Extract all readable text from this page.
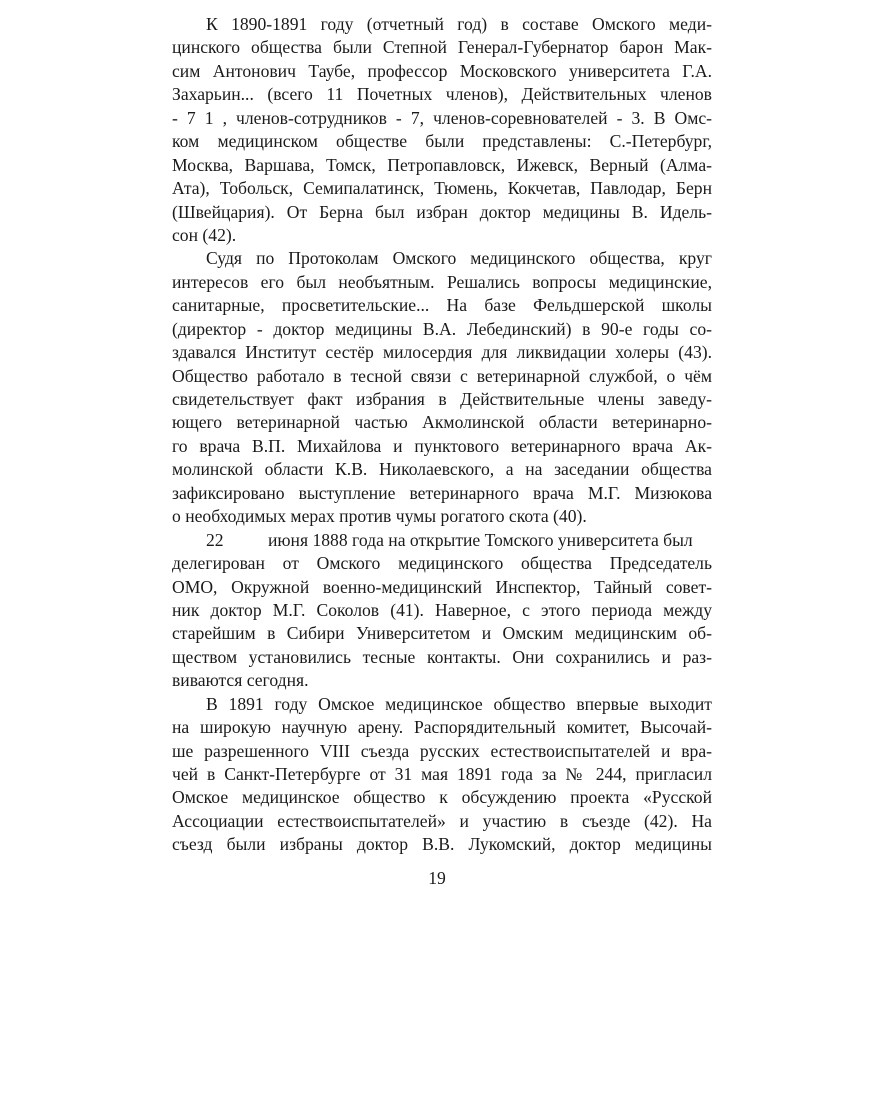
К 1890-1891 году (отчетный год) в составе Омского меди-
цинского общества были Степной Генерал-Губернатор барон Мак-
сим Антонович Таубе, профессор Московского университета Г.А.
Захарьин... (всего 11 Почетных членов), Действительных членов
- 7 1 , членов-сотрудников - 7, членов-соревнователей - 3. В Омс-
ком медицинском обществе были представлены: С.-Петербург,
Москва, Варшава, Томск, Петропавловск, Ижевск, Верный (Алма-
Ата), Тобольск, Семипалатинск, Тюмень, Кокчетав, Павлодар, Берн
(Швейцария). От Берна был избран доктор медицины В. Идель-
сон (42).
Судя по Протоколам Омского медицинского общества, круг
интересов его был необъятным. Решались вопросы медицинские,
санитарные, просветительские... На базе Фельдшерской школы
(директор - доктор медицины В.А. Лебединский) в 90-е годы со-
здавался Институт сестёр милосердия для ликвидации холеры (43).
Общество работало в тесной связи с ветеринарной службой, о чём
свидетельствует факт избрания в Действительные члены заведу-
ющего ветеринарной частью Акмолинской области ветеринарно-
го врача В.П. Михайлова и пунктового ветеринарного врача Ак-
молинской области К.В. Николаевского, а на заседании общества
зафиксировано выступление ветеринарного врача М.Г. Мизюкова
о необходимых мерах против чумы рогатого скота (40).
22	июня 1888 года на открытие Томского университета был
делегирован от Омского медицинского общества Председатель
ОМО, Окружной военно-медицинский Инспектор, Тайный совет-
ник доктор М.Г. Соколов (41). Наверное, с этого периода между
старейшим в Сибири Университетом и Омским медицинским об-
ществом установились тесные контакты. Они сохранились и раз-
виваются сегодня.
В 1891 году Омское медицинское общество впервые выходит
на широкую научную арену. Распорядительный комитет, Высочай-
ше разрешенного VIII съезда русских естествоиспытателей и вра-
чей в Санкт-Петербурге от 31 мая 1891 года за № 244, пригласил
Омское медицинское общество к обсуждению проекта «Русской
Ассоциации естествоиспытателей» и участию в съезде (42). На
съезд были избраны доктор В.В. Лукомский, доктор медицины
19
